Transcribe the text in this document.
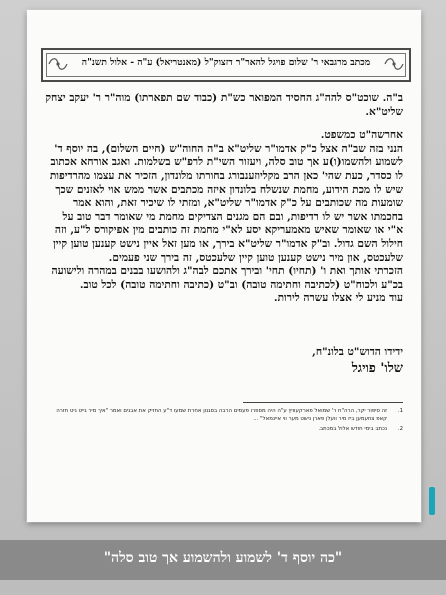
מכתב מרגבאי ר' שלום פויגל להאר"ר דזצוק"ל (מאנטריאל) ע"ה - אלול תשנ"ה

ב"ה. שוכט"ס להה"ג החסיד המפואר כש"ת (כבוד שם תפארתו) מוה"ר ר' יעקב יצחק שליט"א.

אחרשה"ט כמשפט.

הנני בזה שב"ה אצל כ"ק אדמו"ר שליט"א ב"ה החוה"ש (חיים השלום), בה יוסף ד' לשמוע ולהשמו(ו)ע אך טוב סלה, ויעזור השי"ת לרפ"ש בשלמות. ואגב אורחא אכתוב לו כסדר, כעת שהי' כאן הרב מקליוזענבורג בחורתו מלונדון, הזכיר את עצמו מהרדיפות שיש לו מכת הידוע, מחמת שנשלח בלונדון איזה מכתבים אשר ממש אוי לאזנים שכך שומעות מה שכותבים על כ"ק אדמו"ר שליט"א, ומזתי לו שיכיר זאת, והוא אמר בחכמתו אשר יש לו רדיפות, ובם הם מגנים הצדיקים מחמת מי שאומר דבר טוב על א"י או שאומר שאיש מאמעריקא יסע לא"י מחמת זה כותבים מין אפיקורס ל"ע, וזה חילול השם גדול. וב"ק אדמו"ר שליט"א בירך, או מען זאל איין נישט קענען טוען קיין שלעכטס, און מיר נישט קענען טוען קיין שלעכטס, זה בירך שני פעמים.

הזכרתי אותך ואת ו' (תחיו) תחי' ובירך אתכם לבה"ג ולהושעו בבנים במהרה ולישועה בכ"ע ולכוח"ט (לכתיבה וחתימה טובה) וב"ט (כתיבה וחתימה טובה) לכל טוב.

עוד מניע לי אצלו עשרה לירות.

ידידו הדוש"ט בלונ"ח,
שלו' פויגל
1.
זה סיפור יקר, הרה"ח ר' שמואל פארקעוויץ ע"ה היה מספרו פעמים הרבה בסגנון אחרת שמעו ד"ע החזיק את אבנים ואמר "איך מיר גייט ניט חזרה קאפ צוזעמען ביז מיר וועלן פארן נישט מער ווי איינמאל" ...
2.
נכתב בימי חודש אלול במכתב.
"כה יוסף ד' לשמוע ולהשמוע אך טוב סלה"
